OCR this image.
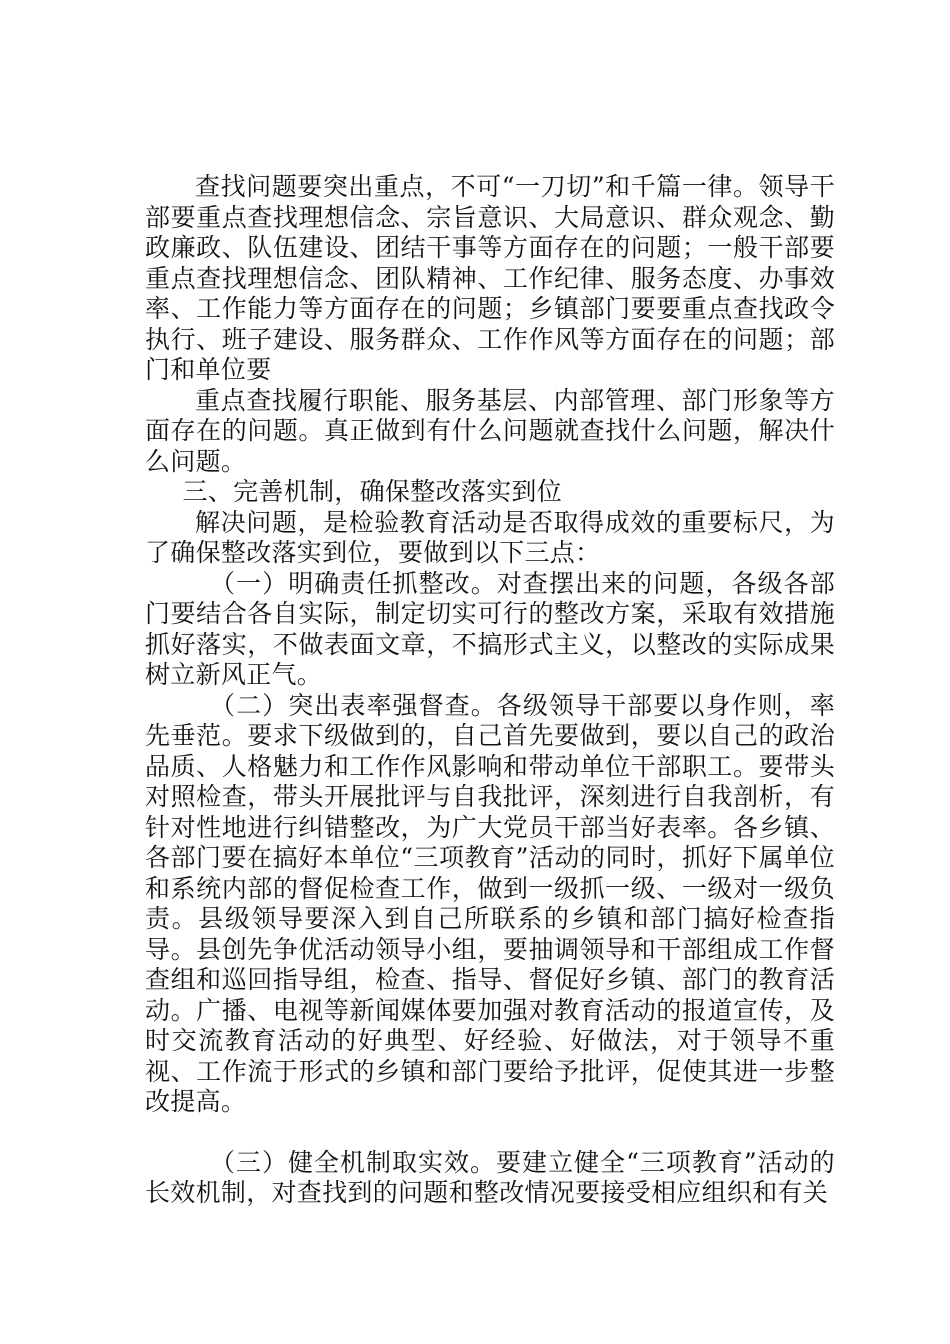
查找问题要突出重点，不可“一刀切”和千篇一律。领导干部要重点查找理想信念、宗旨意识、大局意识、群众观念、勤政廉政、队伍建设、团结干事等方面存在的问题；一般干部要重点查找理想信念、团队精神、工作纪律、服务态度、办事效率、工作能力等方面存在的问题；乡镇部门要要重点查找政令执行、班子建设、服务群众、工作作风等方面存在的问题；部门和单位要

重点查找履行职能、服务基层、内部管理、部门形象等方面存在的问题。真正做到有什么问题就查找什么问题，解决什么问题。

三、完善机制，确保整改落实到位

解决问题，是检验教育活动是否取得成效的重要标尺，为了确保整改落实到位，要做到以下三点：

（一）明确责任抓整改。对查摆出来的问题，各级各部门要结合各自实际，制定切实可行的整改方案，采取有效措施抓好落实，不做表面文章，不搞形式主义，以整改的实际成果树立新风正气。

（二）突出表率强督查。各级领导干部要以身作则，率先垂范。要求下级做到的，自己首先要做到，要以自己的政治品质、人格魅力和工作作风影响和带动单位干部职工。要带头对照检查，带头开展批评与自我批评，深刻进行自我剖析，有针对性地进行纠错整改，为广大党员干部当好表率。各乡镇、各部门要在搞好本单位“三项教育”活动的同时，抓好下属单位和系统内部的督促检查工作，做到一级抓一级、一级对一级负责。县级领导要深入到自己所联系的乡镇和部门搞好检查指导。县创先争优活动领导小组，要抽调领导和干部组成工作督查组和巡回指导组，检查、指导、督促好乡镇、部门的教育活动。广播、电视等新闻媒体要加强对教育活动的报道宣传，及时交流教育活动的好典型、好经验、好做法，对于领导不重视、工作流于形式的乡镇和部门要给予批评，促使其进一步整改提高。

（三）健全机制取实效。要建立健全“三项教育”活动的长效机制，对查找到的问题和整改情况要接受相应组织和有关
